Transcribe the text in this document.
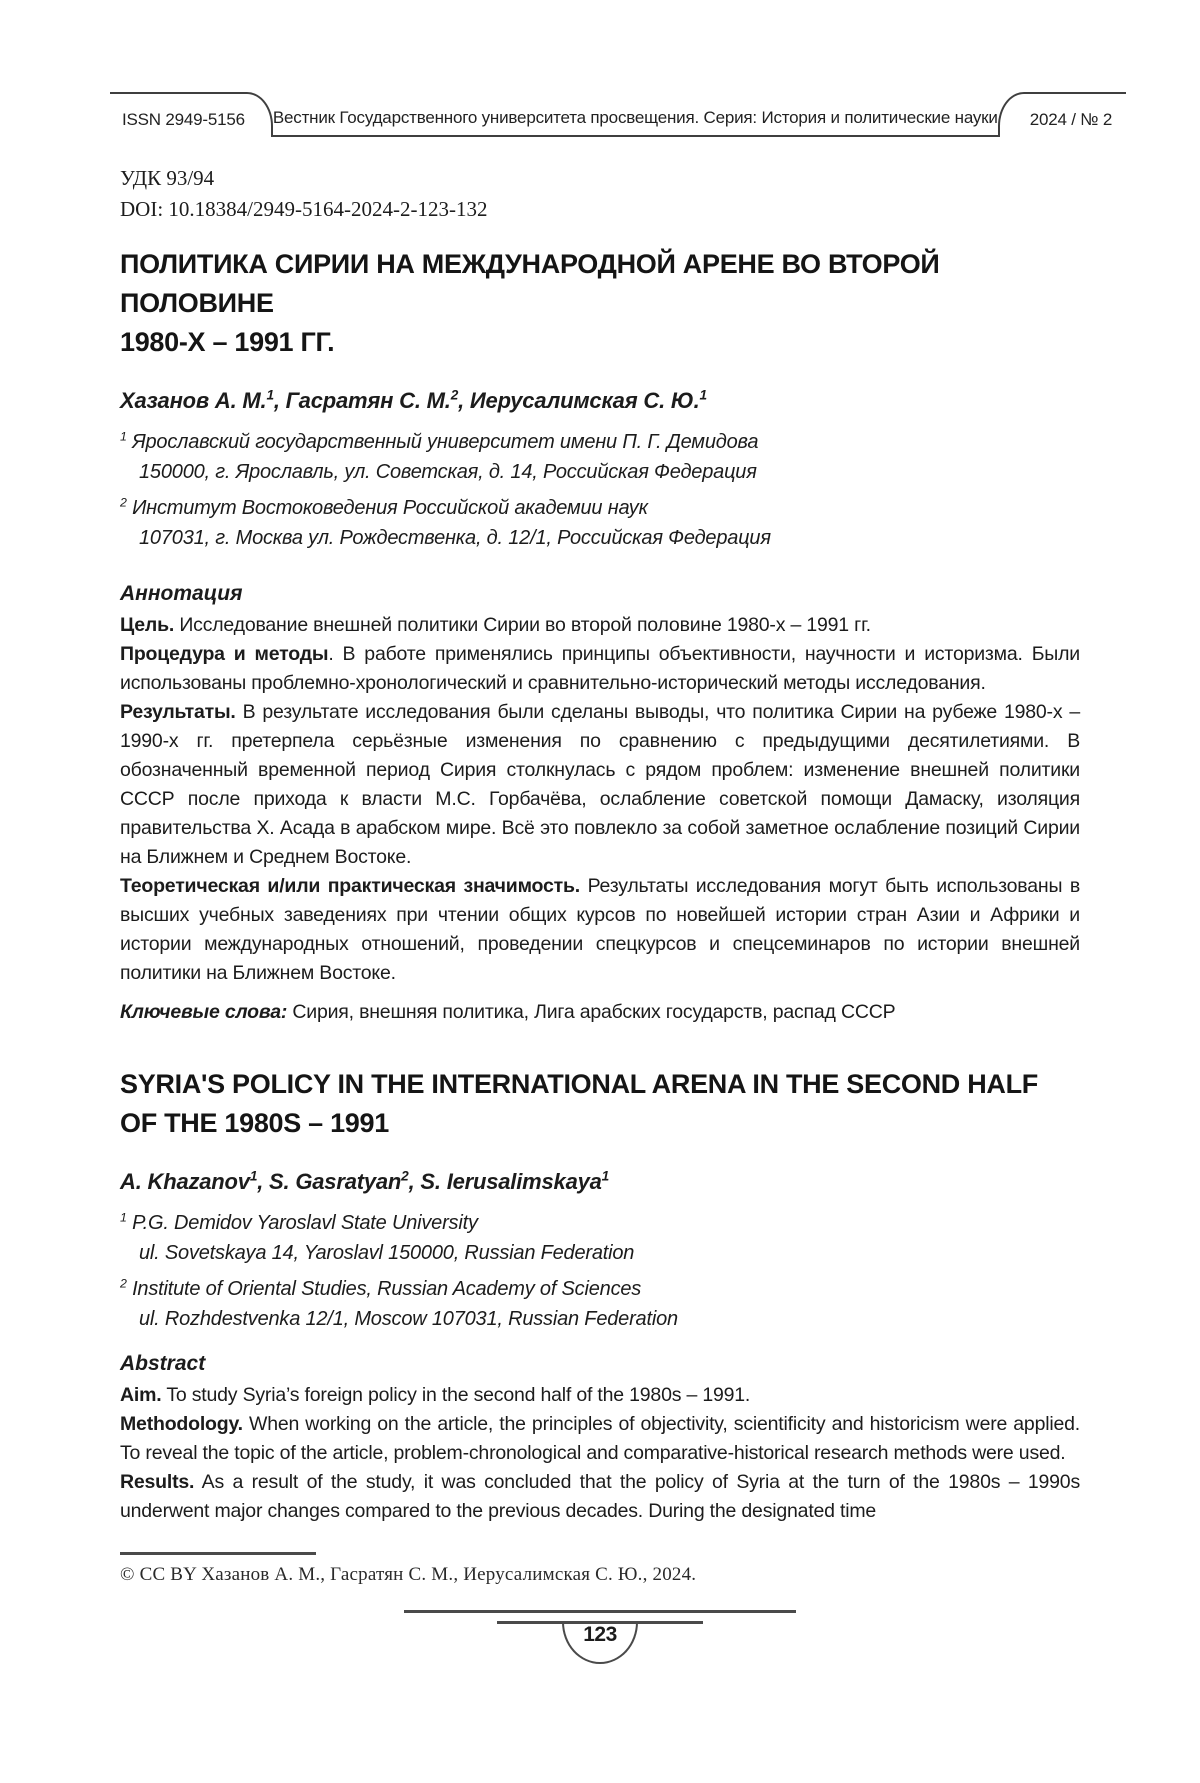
ISSN 2949-5156 Вестник Государственного университета просвещения. Серия: История и политические науки 2024 / № 2
УДК 93/94
DOI: 10.18384/2949-5164-2024-2-123-132
ПОЛИТИКА СИРИИ НА МЕЖДУНАРОДНОЙ АРЕНЕ ВО ВТОРОЙ ПОЛОВИНЕ
1980-Х – 1991 ГГ.
Хазанов А. М.$^1$, Гасратян С. М.$^2$, Иерусалимская С. Ю.$^1$
$^1$ Ярославский государственный университет имени П. Г. Демидова
150000, г. Ярославль, ул. Советская, д. 14, Российская Федерация
$^2$ Институт Востоковедения Российской академии наук
107031, г. Москва ул. Рождественка, д. 12/1, Российская Федерация
Аннотация

Цель. Исследование внешней политики Сирии во второй половине 1980-х – 1991 гг.

Процедура и методы. В работе применялись принципы объективности, научности и историзма. Были использованы проблемно-хронологический и сравнительно-исторический методы исследования.

Результаты. В результате исследования были сделаны выводы, что политика Сирии на рубеже 1980-х – 1990-х гг. претерпела серьёзные изменения по сравнению с предыдущими десятилетиями. В обозначенный временной период Сирия столкнулась с рядом проблем: изменение внешней политики СССР после прихода к власти М.С. Горбачёва, ослабление советской помощи Дамаску, изоляция правительства Х. Асада в арабском мире. Всё это повлекло за собой заметное ослабление позиций Сирии на Ближнем и Среднем Востоке.

Теоретическая и/или практическая значимость. Результаты исследования могут быть использованы в высших учебных заведениях при чтении общих курсов по новейшей истории стран Азии и Африки и истории международных отношений, проведении спецкурсов и спецсеминаров по истории внешней политики на Ближнем Востоке.

Ключевые слова: Сирия, внешняя политика, Лига арабских государств, распад СССР

SYRIA'S POLICY IN THE INTERNATIONAL ARENA IN THE SECOND HALF
OF THE 1980S – 1991
A. Khazanov$^1$, S. Gasratyan$^2$, S. Ierusalimskaya$^1$
$^1$ P.G. Demidov Yaroslavl State University
ul. Sovetskaya 14, Yaroslavl 150000, Russian Federation
$^2$ Institute of Oriental Studies, Russian Academy of Sciences
ul. Rozhdestvenka 12/1, Moscow 107031, Russian Federation
Abstract

Aim. To study Syria’s foreign policy in the second half of the 1980s – 1991.

Methodology. When working on the article, the principles of objectivity, scientificity and historicism were applied. To reveal the topic of the article, problem-chronological and comparative-historical research methods were used.

Results. As a result of the study, it was concluded that the policy of Syria at the turn of the 1980s – 1990s underwent major changes compared to the previous decades. During the designated time

© CC BY Хазанов А. М., Гасратян С. М., Иерусалимская С. Ю., 2024.
123
